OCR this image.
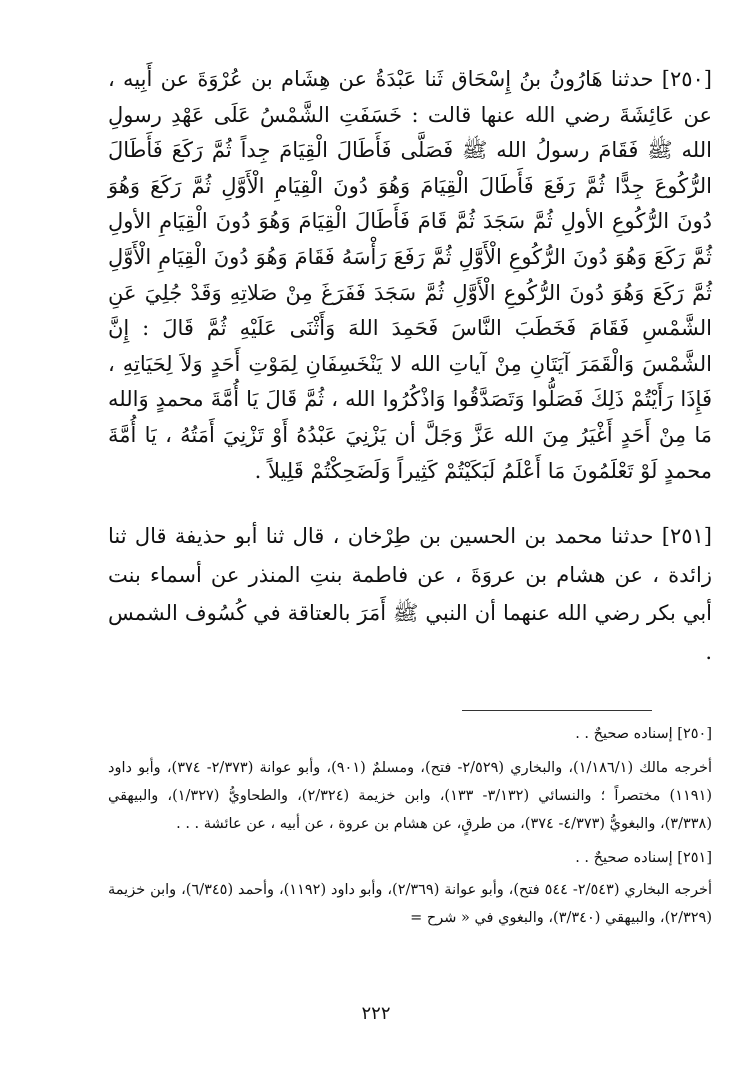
[٢٥٠] حدثنا هَارُونُ بنُ إِسْحَاق ثَنا عَبْدَةُ عن هِشَام بن عُرْوَةَ عن أَبِيه ، عن عَائِشَةَ رضي الله عنها قالت : خَسَفَتِ الشَّمْسُ عَلَى عَهْدِ رسولِ الله ﷺ فَقَامَ رسولُ الله ﷺ فَصَلَّى فَأَطَالَ الْقِيَامَ جِداً ثُمَّ رَكَعَ فَأَطَالَ الرُّكُوعَ جِدًّا ثُمَّ رَفَعَ فَأَطَالَ الْقِيَامَ وَهُوَ دُونَ الْقِيَامِ الْأَوَّلِ ثُمَّ رَكَعَ وَهُوَ دُونَ الرُّكُوعِ الأولِ ثُمَّ سَجَدَ ثُمَّ قَامَ فَأَطَالَ الْقِيَامَ وَهُوَ دُونَ الْقِيَامِ الأولِ ثُمَّ رَكَعَ وَهُوَ دُونَ الرُّكُوعِ الْأَوَّلِ ثُمَّ رَفَعَ رَأْسَهُ فَقَامَ وَهُوَ دُونَ الْقِيَامِ الْأَوَّلِ ثُمَّ رَكَعَ وَهُوَ دُونَ الرُّكُوعِ الْأَوَّلِ ثُمَّ سَجَدَ فَفَرَغَ مِنْ صَلاتِهِ وَقَدْ جُلِيَ عَنِ الشَّمْسِ فَقَامَ فَخَطَبَ النَّاسَ فَحَمِدَ اللهَ وَأَثْنَى عَلَيْهِ ثُمَّ قَالَ : إِنَّ الشَّمْسَ وَالْقَمَرَ آيَتَانِ مِنْ آياتِ الله لا يَنْخَسِفَانِ لِمَوْتِ أَحَدٍ وَلاَ لِحَيَاتِهِ ، فَإِذَا رَأَيْتُمْ ذَلِكَ فَصَلُّوا وَتَصَدَّقُوا وَاذْكُرُوا الله ، ثُمَّ قَالَ يَا أُمَّةَ محمدٍ وَالله مَا مِنْ أَحَدٍ أَغْيَرُ مِنَ الله عَزَّ وَجَلَّ أن يَزْنِيَ عَبْدُهُ أَوْ تَزْنِيَ أَمَتُهُ ، يَا أُمَّةَ محمدٍ لَوْ تَعْلَمُونَ مَا أَعْلَمُ لَبَكَيْتُمْ كَثِيراً وَلَضَحِكْتُمْ قَلِيلاً .

[٢٥١] حدثنا محمد بن الحسين بن طِرْخان ، قال ثنا أبو حذيفة قال ثنا زائدة ، عن هشام بن عروَةَ ، عن فاطمة بنتِ المنذر عن أسماء بنت أبي بكر رضي الله عنهما أن النبي ﷺ أَمَرَ بالعتاقة في كُسُوف الشمس .

[٢٥٠] إسناده صحيحٌ . .

أخرجه مالك (١/١٨٦/١)، والبخاري (٢/٥٢٩- فتح)، ومسلمٌ (٩٠١)، وأبو عوانة (٢/٣٧٣- ٣٧٤)، وأبو داود (١١٩١) مختصراً ؛ والنسائي (٣/١٣٢- ١٣٣)، وابن خزيمة (٢/٣٢٤)، والطحاويُّ (١/٣٢٧)، والبيهقي (٣/٣٣٨)، والبغويُّ (٤/٣٧٣- ٣٧٤)، من طرقٍ، عن هشام بن عروة ، عن أبيه ، عن عائشة . . .

[٢٥١] إسناده صحيحٌ . .

أخرجه البخاري (٢/٥٤٣- ٥٤٤ فتح)، وأبو عوانة (٢/٣٦٩)، وأبو داود (١١٩٢)، وأحمد (٦/٣٤٥)، وابن خزيمة (٢/٣٢٩)، والبيهقي (٣/٣٤٠)، والبغوي في « شرح =

٢٢٢
